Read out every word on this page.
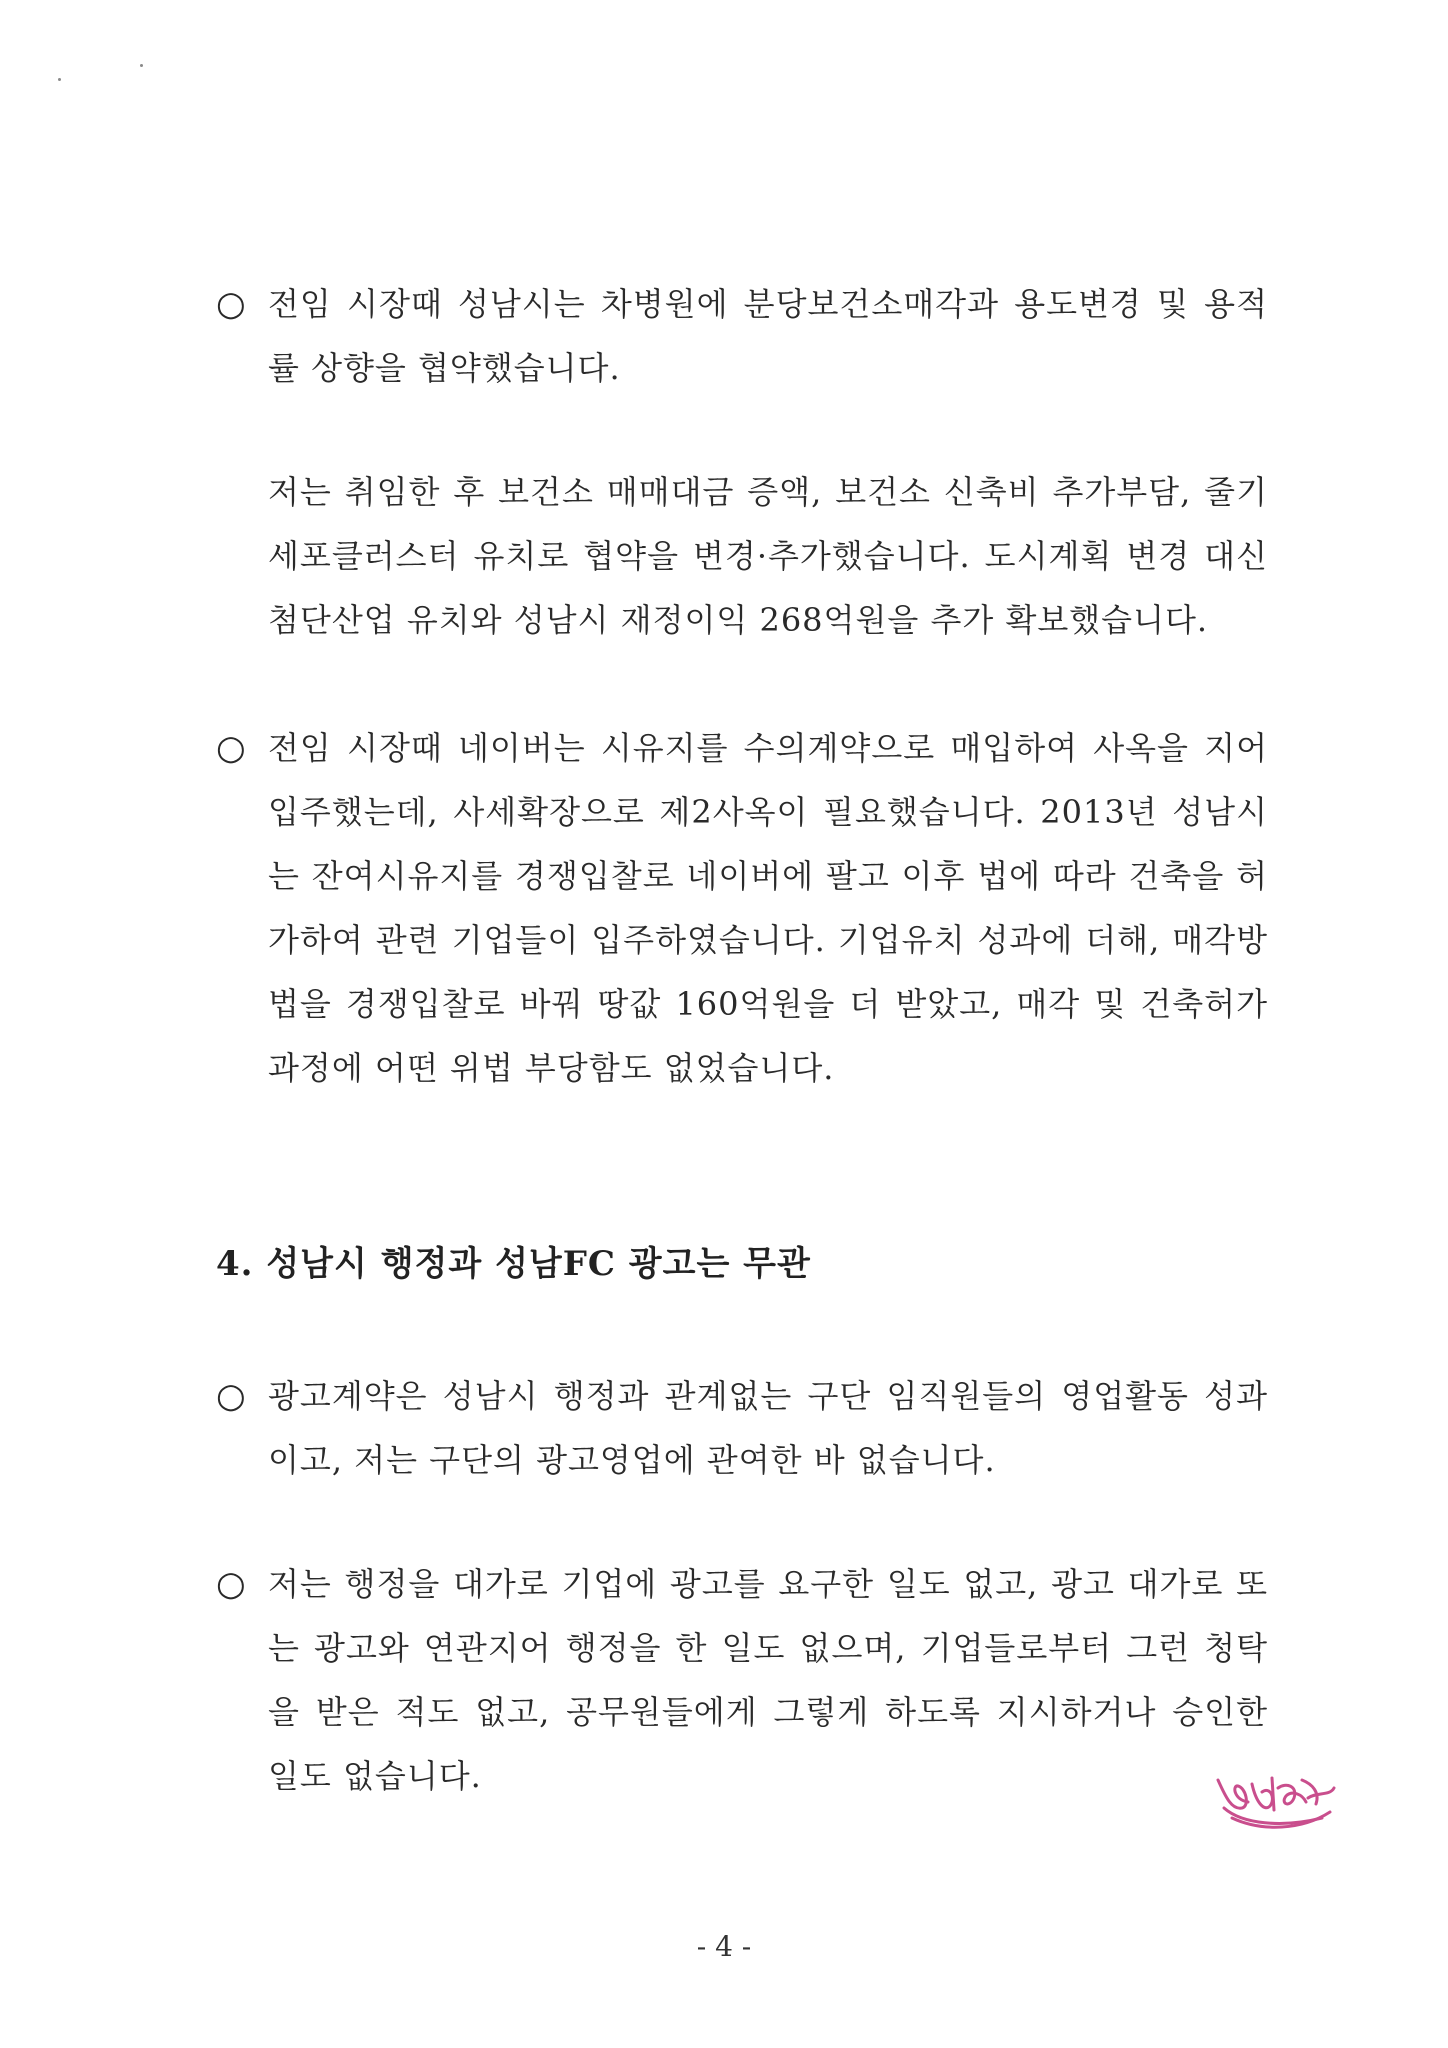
○ 전임 시장때 성남시는 차병원에 분당보건소매각과 용도변경 및 용적률 상향을 협약했습니다.
저는 취임한 후 보건소 매매대금 증액, 보건소 신축비 추가부담, 줄기세포클러스터 유치로 협약을 변경·추가했습니다. 도시계획 변경 대신 첨단산업 유치와 성남시 재정이익 268억원을 추가 확보했습니다.
○ 전임 시장때 네이버는 시유지를 수의계약으로 매입하여 사옥을 지어 입주했는데, 사세확장으로 제2사옥이 필요했습니다. 2013년 성남시는 잔여시유지를 경쟁입찰로 네이버에 팔고 이후 법에 따라 건축을 허가하여 관련 기업들이 입주하였습니다. 기업유치 성과에 더해, 매각방법을 경쟁입찰로 바꿔 땅값 160억원을 더 받았고, 매각 및 건축허가 과정에 어떤 위법 부당함도 없었습니다.
4. 성남시 행정과 성남FC 광고는 무관
○ 광고계약은 성남시 행정과 관계없는 구단 임직원들의 영업활동 성과이고, 저는 구단의 광고영업에 관여한 바 없습니다.
○ 저는 행정을 대가로 기업에 광고를 요구한 일도 없고, 광고 대가로 또는 광고와 연관지어 행정을 한 일도 없으며, 기업들로부터 그런 청탁을 받은 적도 없고, 공무원들에게 그렇게 하도록 지시하거나 승인한 일도 없습니다.
- 4 -
